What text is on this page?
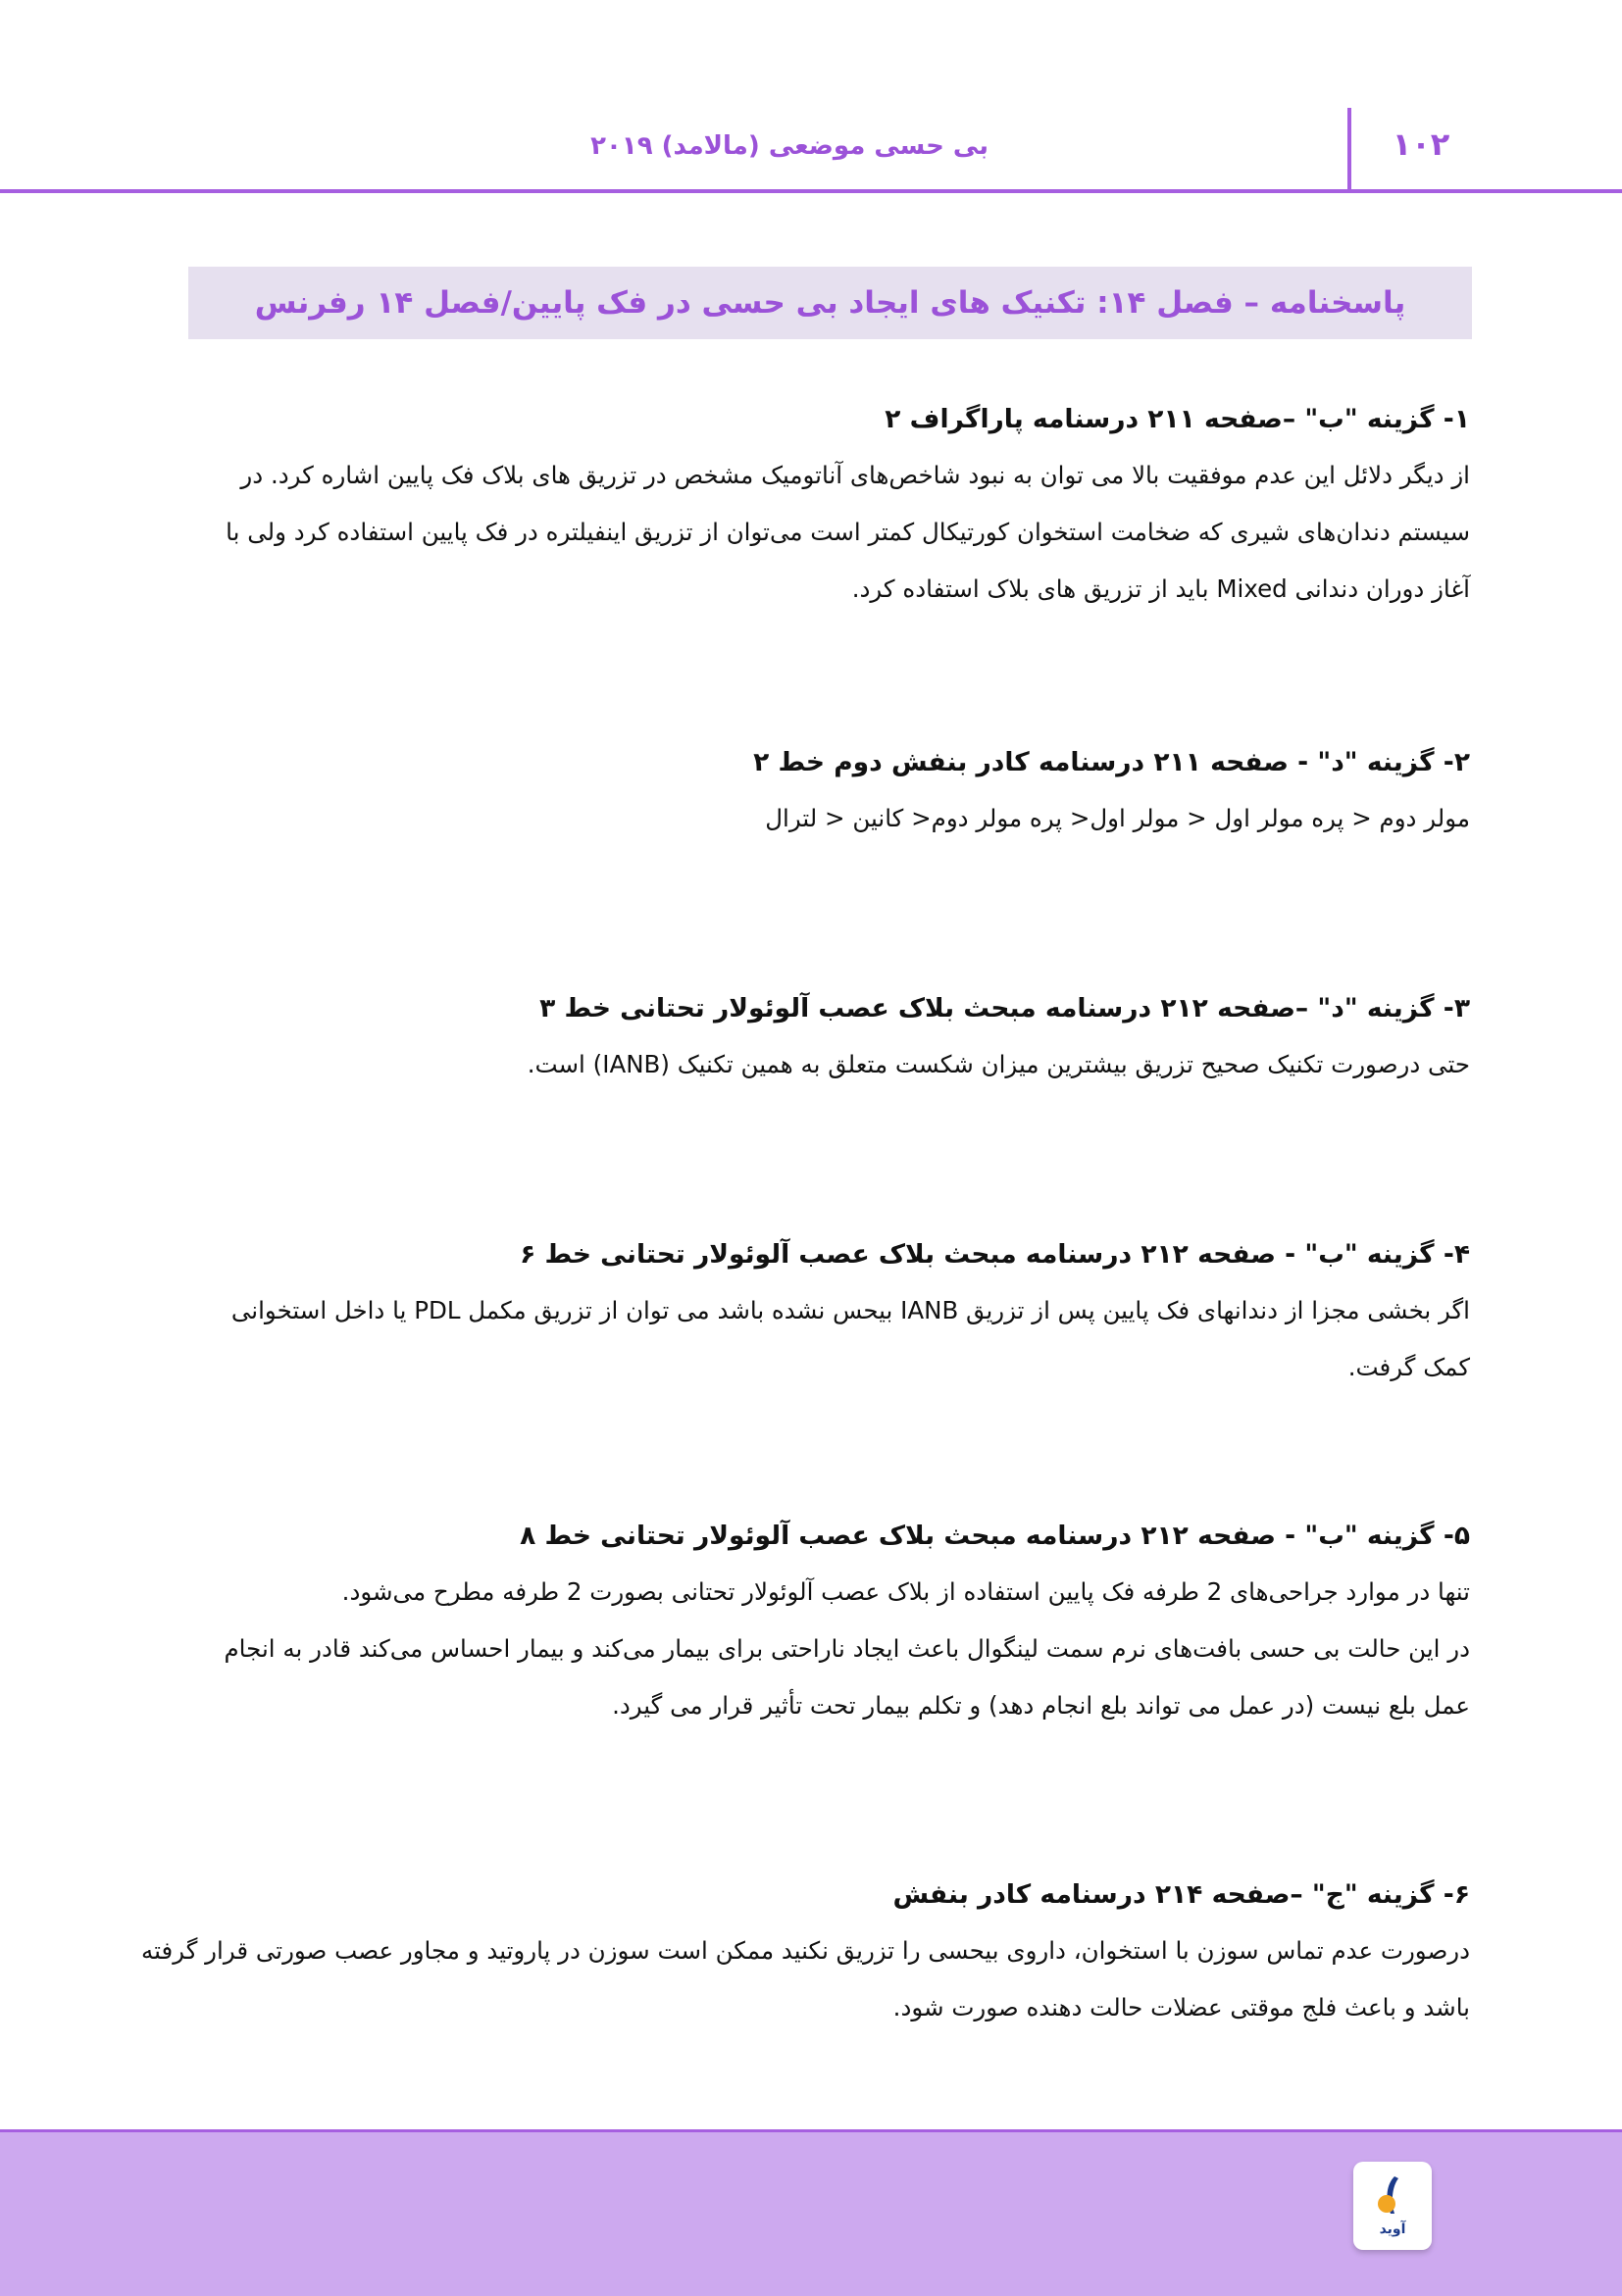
۱۰۲
بی حسی موضعی (مالامد) ۲۰۱۹
پاسخنامه – فصل ۱۴: تکنیک های ایجاد بی حسی در فک پایین/فصل ۱۴ رفرنس

۱- گزینه "ب" –صفحه ۲۱۱ درسنامه پاراگراف ۲

از دیگر دلائل این عدم موفقیت بالا می توان به نبود شاخص‌های آناتومیک مشخص در تزریق های بلاک فک پایین اشاره کرد. در

سیستم دندان‌های شیری که ضخامت استخوان کورتیکال کمتر است می‌توان از تزریق اینفیلتره در فک پایین استفاده کرد ولی با

آغاز دوران دندانی Mixed باید از تزریق های بلاک استفاده کرد.

۲- گزینه "د" - صفحه ۲۱۱ درسنامه کادر بنفش دوم خط ۲

مولر دوم < پره مولر اول < مولر اول< پره مولر دوم< کانین < لترال

۳- گزینه "د" –صفحه ۲۱۲ درسنامه مبحث بلاک عصب آلوئولار تحتانی خط ۳

حتی درصورت تکنیک صحیح تزریق بیشترین میزان شکست متعلق به همین تکنیک (IANB) است.

۴- گزینه "ب" - صفحه ۲۱۲ درسنامه مبحث بلاک عصب آلوئولار تحتانی خط ۶

اگر بخشی مجزا از دندانهای فک پایین پس از تزریق IANB بیحس نشده باشد می توان از تزریق مکمل PDL یا داخل استخوانی

کمک گرفت.

۵- گزینه "ب" - صفحه ۲۱۲ درسنامه مبحث بلاک عصب آلوئولار تحتانی خط ۸

تنها در موارد جراحی‌های 2 طرفه فک پایین استفاده از بلاک عصب آلوئولار تحتانی بصورت 2 طرفه مطرح می‌شود.

در این حالت بی حسی بافت‌های نرم سمت لینگوال باعث ایجاد ناراحتی برای بیمار می‌کند و بیمار احساس می‌کند قادر به انجام

عمل بلع نیست (در عمل می تواند بلع انجام دهد) و تکلم بیمار تحت تأثیر قرار می گیرد.

۶- گزینه "ج" –صفحه ۲۱۴ درسنامه کادر بنفش

درصورت عدم تماس سوزن با استخوان، داروی بیحسی را تزریق نکنید ممکن است سوزن در پاروتید و مجاور عصب صورتی قرار گرفته

باشد و باعث فلج موقتی عضلات حالت دهنده صورت شود.

آوید
